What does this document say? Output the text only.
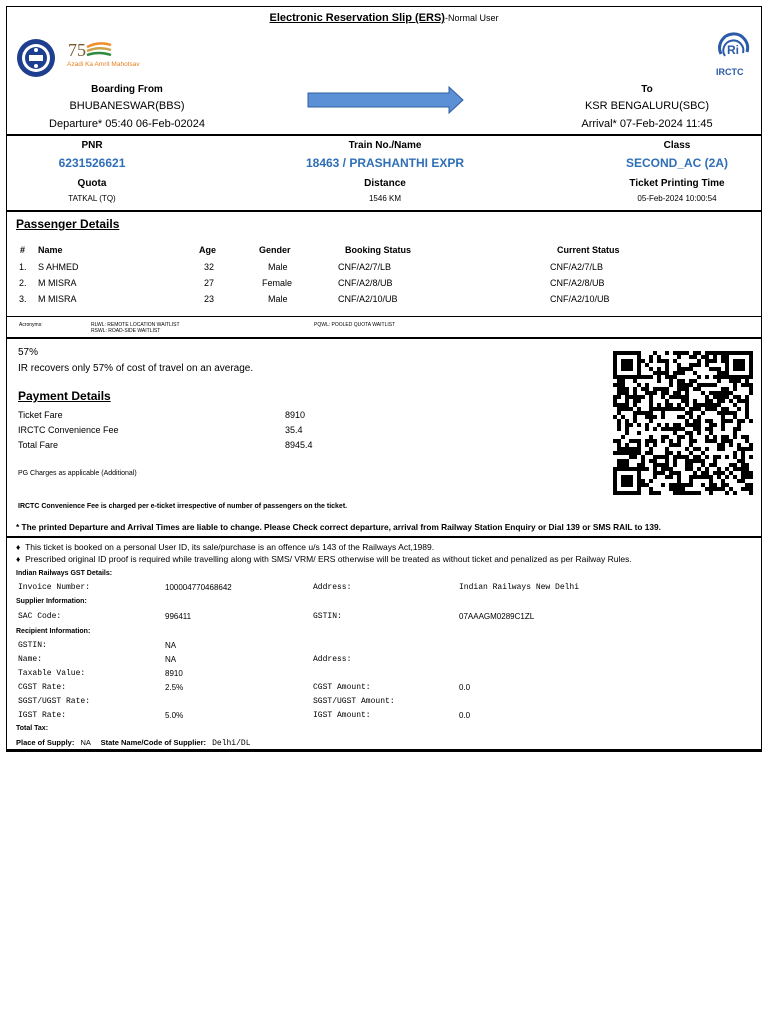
Electronic Reservation Slip (ERS)-Normal User
75
Azadi Ka Amrit Mahotsav
Ri
IRCTC
Boarding From
BHUBANESWAR(BBS)
Departure* 05:40 06-Feb-02024
To
KSR BENGALURU(SBC)
Arrival* 07-Feb-2024 11:45
PNR
6231526621
Quota
TATKAL (TQ)
Train No./Name
18463 / PRASHANTHI EXPR
Distance
1546 KM
Class
SECOND_AC (2A)
Ticket Printing Time
05-Feb-2024 10:00:54
Passenger Details
# Name	Age	Gender	Booking Status	Current Status
1. S AHMED	32	Male	CNF/A2/7/LB	CNF/A2/7/LB
2. M MISRA	27	Female	CNF/A2/8/UB	CNF/A2/8/UB
3. M MISRA	23	Male	CNF/A2/10/UB	CNF/A2/10/UB
Acronyms:	RLWL: REMOTE LOCATION WAITLIST
RSWL: ROAD-SIDE WAITLIST
PQWL: POOLED QUOTA WAITLIST
57%
IR recovers only 57% of cost of travel on an average.
Payment Details
Ticket Fare	8910
IRCTC Convenience Fee	35.4
Total Fare	8945.4
PG Charges as applicable (Additional)
IRCTC Convenience Fee is charged per e-ticket irrespective of number of passengers on the ticket.
* The printed Departure and Arrival Times are liable to change. Please Check correct departure, arrival from Railway Station Enquiry or Dial 139 or SMS RAIL to 139.
♦ This ticket is booked on a personal User ID, its sale/purchase is an offence u/s 143 of the Railways Act,1989.
♦ Prescribed original ID proof is required while travelling along with SMS/ VRM/ ERS otherwise will be treated as without ticket and penalized as per Railway Rules.
Indian Railways GST Details:
Invoice Number:	100004770468642	Address:	Indian Railways New Delhi
Supplier Information:
SAC Code:	996411	GSTIN:	07AAAGM0289C1ZL
Recipient Information:
GSTIN:	NA
Name:	NA	Address:
Taxable Value:	8910
CGST Rate:	2.5%	CGST Amount:	0.0
SGST/UGST Rate:	SGST/UGST Amount:
IGST Rate:	5.0%	IGST Amount:	0.0
Total Tax:
Place of Supply: NA State Name/Code of Supplier: Delhi/DL
